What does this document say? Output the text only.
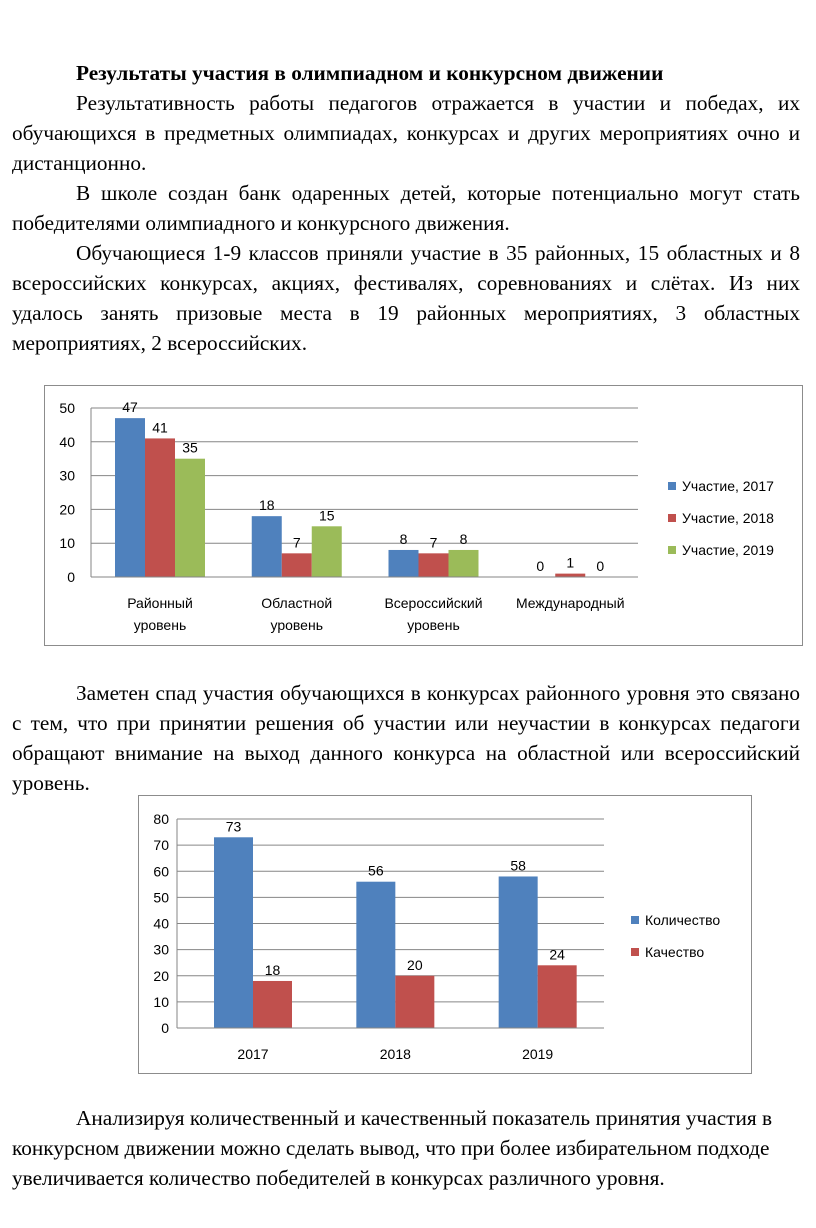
Результаты участия в олимпиадном и конкурсном движении

Результативность работы педагогов отражается в участии и победах, их обучающихся в предметных олимпиадах, конкурсах и других мероприятиях очно и дистанционно.

В школе создан банк одаренных детей, которые потенциально могут стать победителями олимпиадного и конкурсного движения.

Обучающиеся 1-9 классов приняли участие в 35 районных, 15 областных и 8 всероссийских конкурсах, акциях, фестивалях, соревнованиях и слётах. Из них удалось занять призовые места в 19 районных мероприятиях, 3 областных мероприятиях, 2 всероссийских.

0
10
20
30
40
50	47
41
35
Районный
уровень
18
7
15
Областной
уровень
8 7 8
Всероссийский
уровень
0 1 0
Международный
Участие, 2017
Участие, 2018
Участие, 2019

Заметен спад участия обучающихся в конкурсах районного уровня это связано с тем, что при принятии решения об участии или неучастии в конкурсах педагоги обращают внимание на выход данного конкурса на областной или всероссийский уровень.

0
10
20
30
40
50
60
70
80	73
18
2017
56
20
2018
58
24
2019
Количество
Качество

Анализируя количественный и качественный показатель принятия участия в конкурсном движении можно сделать вывод, что при более избирательном подходе увеличивается количество победителей в конкурсах различного уровня.
